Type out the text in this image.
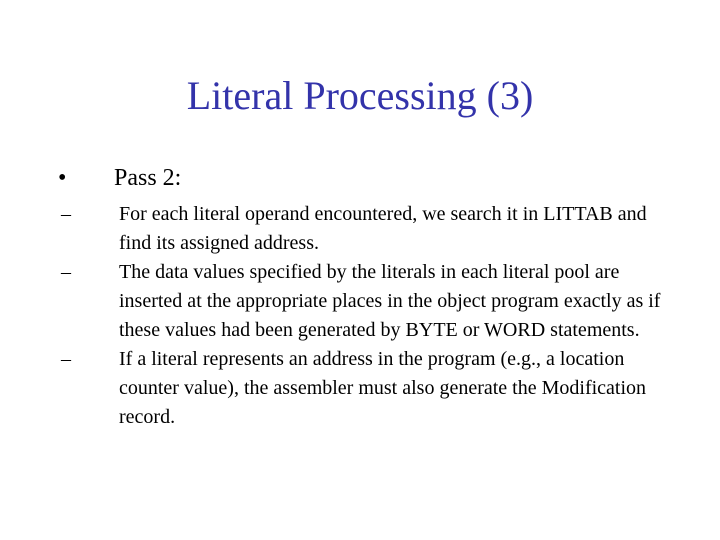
Literal Processing (3)
•	Pass 2:
–	For each literal operand encountered, we search it in LITTAB and find its assigned address.
–	The data values specified by the literals in each literal pool are inserted at the appropriate places in the object program exactly as if these values had been generated by BYTE or WORD statements.
–	If a literal represents an address in the program (e.g., a location counter value), the assembler must also generate the Modification record.
